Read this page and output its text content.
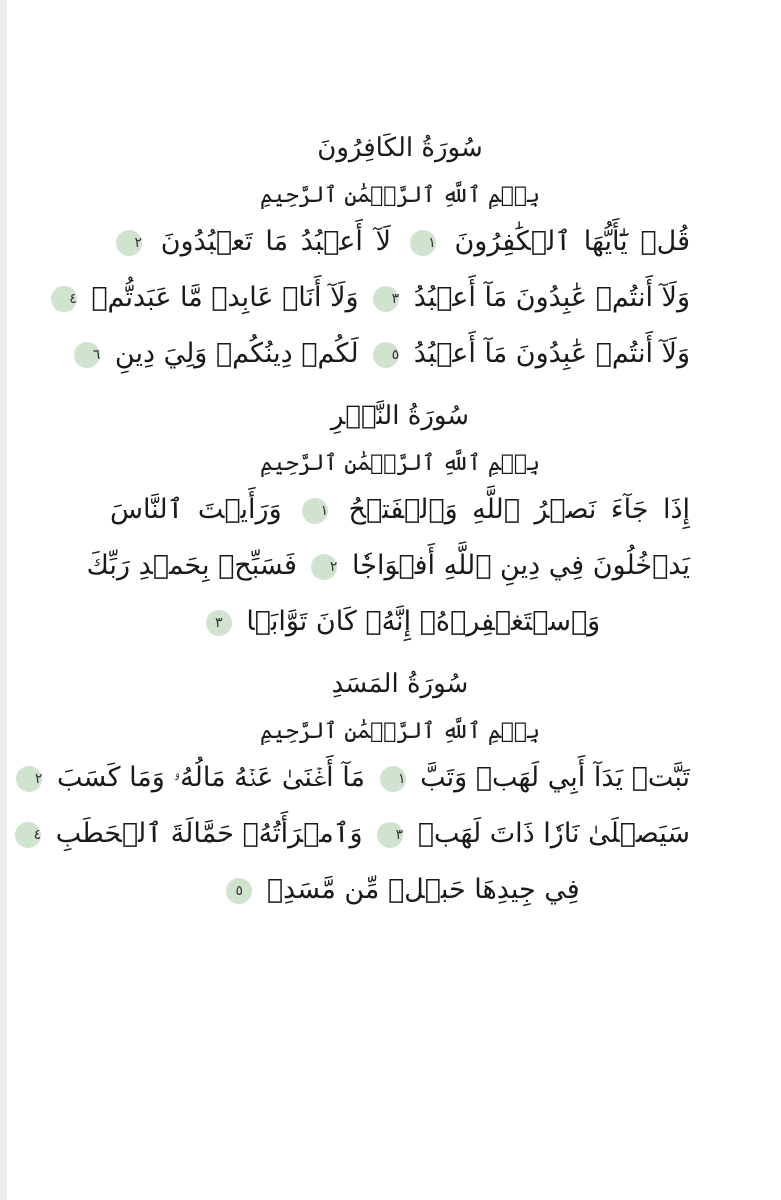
سُورَةُ الكَافِرُونَ
بِسۡمِ ٱللَّهِ ٱلرَّحۡمَٰنِ ٱلرَّحِيمِ
قُلۡ يَٰٓأَيُّهَا ٱلۡكَٰفِرُونَ ١ لَآ أَعۡبُدُ مَا تَعۡبُدُونَ ٢
وَلَآ أَنتُمۡ عَٰبِدُونَ مَآ أَعۡبُدُ ٣ وَلَآ أَنَا۠ عَابِدٞ مَّا عَبَدتُّمۡ ٤
وَلَآ أَنتُمۡ عَٰبِدُونَ مَآ أَعۡبُدُ ٥ لَكُمۡ دِينُكُمۡ وَلِيَ دِينِ ٦
سُورَةُ النَّصۡرِ
بِسۡمِ ٱللَّهِ ٱلرَّحۡمَٰنِ ٱلرَّحِيمِ
إِذَا جَآءَ نَصۡرُ ٱللَّهِ وَٱلۡفَتۡحُ ١ وَرَأَيۡتَ ٱلنَّاسَ
يَدۡخُلُونَ فِي دِينِ ٱللَّهِ أَفۡوَاجٗا ٢ فَسَبِّحۡ بِحَمۡدِ رَبِّكَ
وَٱسۡتَغۡفِرۡهُۚ إِنَّهُۥ كَانَ تَوَّابَۢا ٣
سُورَةُ المَسَدِ
بِسۡمِ ٱللَّهِ ٱلرَّحۡمَٰنِ ٱلرَّحِيمِ
تَبَّتۡ يَدَآ أَبِي لَهَبٖ وَتَبَّ ١ مَآ أَغۡنَىٰ عَنۡهُ مَالُهُۥ وَمَا كَسَبَ ٢
سَيَصۡلَىٰ نَارٗا ذَاتَ لَهَبٖ ٣ وَٱمۡرَأَتُهُۥ حَمَّالَةَ ٱلۡحَطَبِ ٤
فِي جِيدِهَا حَبۡلٞ مِّن مَّسَدِۭ ٥
